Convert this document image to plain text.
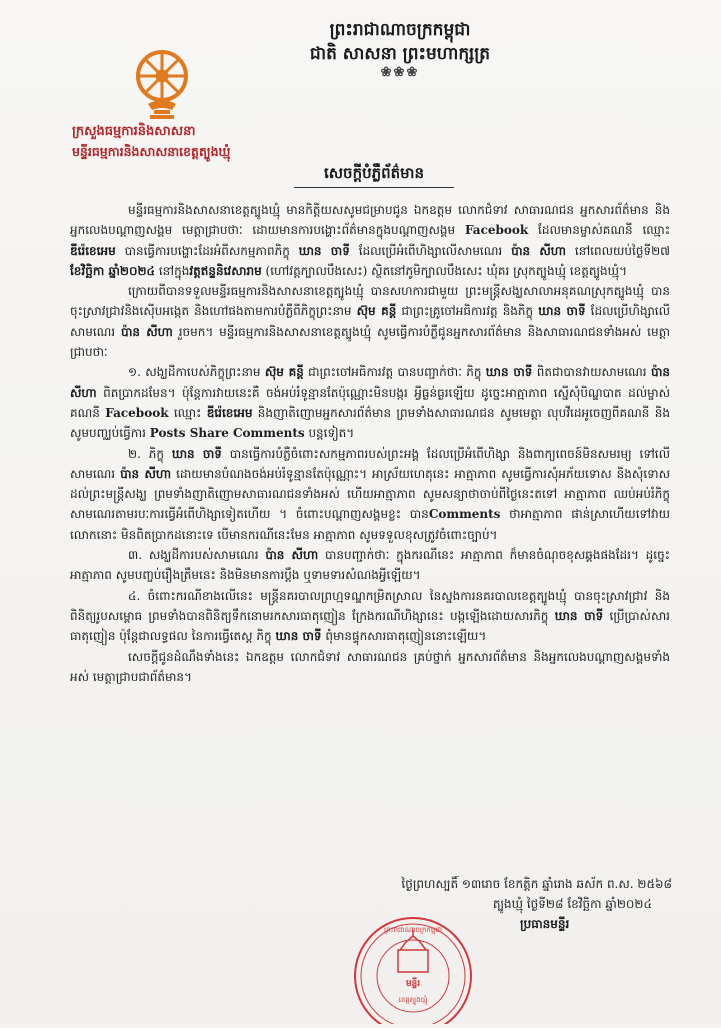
ព្រះរាជាណាចក្រកម្ពុជា
ជាតិ សាសនា ព្រះមហាក្សត្រ
❀❀❀
ក្រសួងធម្មការនិងសាសនា
មន្ទីរធម្មការនិងសាសនាខេត្តត្បូងឃ្មុំ
សេចក្តីបំភ្លឺព័ត៌មាន

មន្ទីរធម្មការនិងសាសនាខេត្តត្បូងឃ្មុំ មានកិត្តិយសសូមជម្រាបជូន ឯកឧត្តម លោកជំទាវ សាធារណជន អ្នកសារព័ត៌មាន និងអ្នកលេងបណ្តាញសង្គម មេត្តាជ្រាបថាៈ ដោយមានការបង្ហោះព័ត៌មានក្នុងបណ្តាញសង្គម Facebook ដែលមានម្ចាស់គណនី ឈ្មោះ ឌីរ៉េខេអេម បានធ្វើការបង្ហោះដែរអំពីសកម្មភាពភិក្ខុ ឃាន ចាទី ដែលប្រើអំពើហិង្សាលើសាមណេរ ប៉ាន សីហា នៅពេលយប់ថ្ងៃទី២៧ ខែវិច្ឆិកា ឆ្នាំ២០២៤ នៅក្នុងវត្តឥន្ទនិវេសារាម (ហៅវត្តក្បាលបឹងសេះ) ស្ថិតនៅភូមិក្បាលបឹងសេះ ឃុំគរ ស្រុកត្បូងឃ្មុំ ខេត្តត្បូងឃ្មុំ។

ក្រោយពីបានទទួលមន្ទីរធម្មការនិងសាសនាខេត្តត្បូងឃ្មុំ បានសហការជាមួយ ព្រះមន្ត្រីសង្ឃសាលាអនុគណស្រុកត្បូងឃ្មុំ បានចុះស្រាវជ្រាវនិងស៊ើបអង្កេត និងហៅផងតាមការបំភ្លឺពីភិក្ខុព្រះនាម ស៊ុម គន្តី ជាព្រះគ្រូចៅអធិការវត្ត និងភិក្ខុ ឃាន ចាទី ដែលប្រើហិង្សាលើសាមណេរ ប៉ាន សីហា រួចមក។ មន្ទីរធម្មការនិងសាសនាខេត្តត្បូងឃ្មុំ សូមធ្វើការបំភ្លឺជូនអ្នកសារព័ត៌មាន និងសាធារណជនទាំងអស់ មេត្តាជ្រាបថាៈ

១. សង្ឃដីកាបេស់ភិក្ខុព្រះនាម ស៊ុម គន្តី ជាព្រះចៅអធិការវត្ត បានបញ្ជាក់ថាៈ ភិក្ខុ ឃាន ចាទី ពិតជាបានវាយសាមណេរ ប៉ាន សីហា ពិតប្រាកដមែន។ ប៉ុន្តែការវាយនេះគឺ ចង់អប់រំទូន្មានតែប៉ុណ្ណោះមិនបង្ករ អ្វីធ្ងន់ធ្ងរឡើយ ដូច្នេះអាត្មាភាព ស្នើសុំបិណ្ឌបាត ដល់ម្ចាស់គណនី Facebook ឈ្មោះ ឌីរ៉េខេអេម និងញាតិញោមអ្នកសារព័ត៌មាន ព្រមទាំងសាធារណជន សូមមេត្តា លុបវីដេអូចេញពីគណនី និងសូមបញ្ឈប់ធ្វើការ Posts Share Comments បន្តទៀត។

២. ភិក្ខុ ឃាន ចាទី បានធ្វើការបំភ្លឺចំពោះសកម្មភាពរបស់ព្រះអង្គ ដែលប្រើអំពើហិង្សា និងពាក្យពេចន៍មិនសមរម្យ ទៅលើសាមណេរ ប៉ាន សីហា ដោយមានបំណងចង់អប់រំទូន្មានតែប៉ុណ្ណោះ។ អាស្រ័យហេតុនេះ អាត្មាភាព សូមធ្វើការសុំអភ័យទោស និងសុំទោស ដល់ព្រះមន្ត្រីសង្ឃ ព្រមទាំងញាតិញោមសាធារណជនទាំងអស់ ហើយអាត្មាភាព សូមសន្យាថាចាប់ពីថ្ងៃនេះតទៅ អាត្មាភាព ឈប់អប់រំភិក្ខុសាមណេរតាមរបៈការធ្វើអំពើហិង្សាទៀតហើយ ។ ចំពោះបណ្តាញសង្គមខ្លះ បានComments ថាអាត្មាភាព ផាន់ស្រាហើយទៅវាយលោកនោះ មិនពិតប្រាកដនោះទេ បើមានករណីនេះមែន អាត្មាភាព សូមទទួលខុសត្រូវចំពោះច្បាប់។

៣. សង្ឃដីការបស់សាមណេរ ប៉ាន សីហា បានបញ្ជាក់ថាៈ ក្នុងករណីនេះ អាត្មាភាព ក៏មានចំណុចខុសឆ្គងផងដែរ។ ដូច្នេះ អាត្មាភាព សូមបញ្ចប់រឿងត្រឹមនេះ និងមិនមានការប្តឹង ឬទាមទារសំណងអ្វីឡើយ។

៤. ចំពោះករណីខាងលើនេះ មន្ត្រីនគរបាលព្រហ្មទណ្ឌកម្រិតស្រាល នៃស្នងការនគរបាលខេត្តត្បូងឃ្មុំ បានចុះស្រាវជ្រាវ និងពិនិត្យរូបសម្ពោធ ព្រមទាំងបានពិនិត្យទឹកនោមរកសារធាតុញៀន ក្រែងករណីហិង្សានេះ បង្កឡើងដោយសារភិក្ខុ ឃាន ចាទី ប្រើប្រាស់សារធាតុញៀន ប៉ុន្តែជាលទ្ធផល នៃការធ្វើតេស្ត ភិក្ខុ ឃាន ចាទី ពុំមានផ្ទុកសារធាតុញៀននោះឡើយ។

សេចក្តីជូនដំណឹងទាំងនេះ ឯកឧត្តម លោកជំទាវ សាធារណជន គ្រប់ថ្នាក់ អ្នកសារព័ត៌មាន និងអ្នកលេងបណ្តាញសង្គមទាំងអស់ មេត្តាជ្រាបជាព័ត៌មាន។

ថ្ងៃព្រហស្បតិ៍ ១៣រោច ខែកត្តិក ឆ្នាំរោង ឆស័ក ព.ស. ២៥៦៨
ត្បូងឃ្មុំ ថ្ងៃទី២៨ ខែវិច្ឆិកា ឆ្នាំ២០២៤
ព្រះរាជាណាចក្រកម្ពុជា
មន្ទីរ
ខេត្តត្បូងឃ្មុំ
ប្រធានមន្ទីរ
